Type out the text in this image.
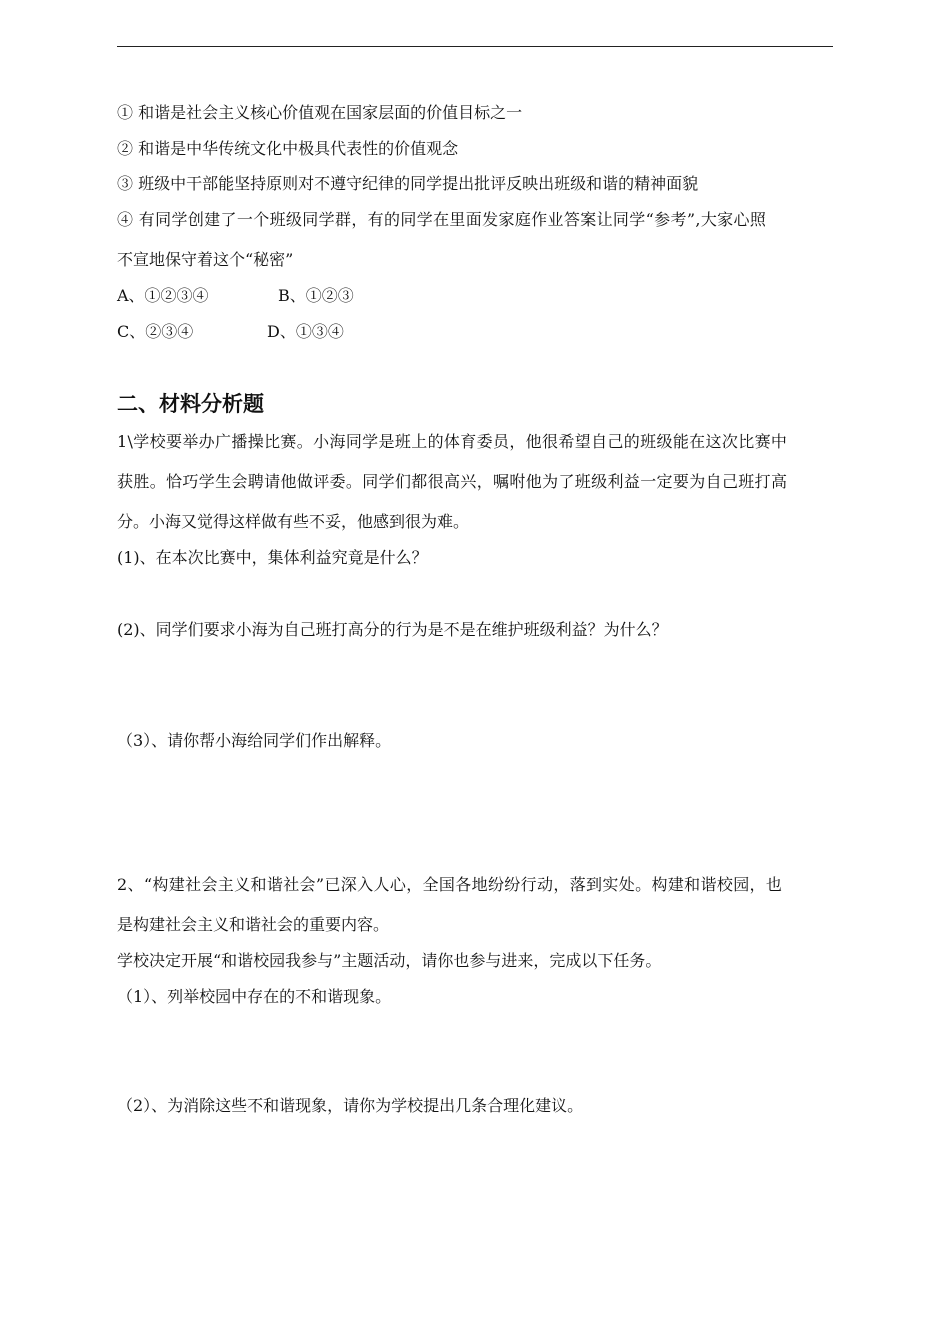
① 和谐是社会主义核心价值观在国家层面的价值目标之一
② 和谐是中华传统文化中极具代表性的价值观念
③ 班级中干部能坚持原则对不遵守纪律的同学提出批评反映出班级和谐的精神面貌
④ 有同学创建了一个班级同学群，有的同学在里面发家庭作业答案让同学“参考”,大家心照
不宣地保守着这个“秘密”
A、①②③④	B、①②③
C、②③④	D、①③④
二、材料分析题
1\学校要举办广播操比赛。小海同学是班上的体育委员，他很希望自己的班级能在这次比赛中
获胜。恰巧学生会聘请他做评委。同学们都很高兴，嘱咐他为了班级利益一定要为自己班打高
分。小海又觉得这样做有些不妥，他感到很为难。
(1)、在本次比赛中，集体利益究竟是什么？
(2)、同学们要求小海为自己班打高分的行为是不是在维护班级利益？为什么？
（3）、请你帮小海给同学们作出解释。
2、“构建社会主义和谐社会”已深入人心，全国各地纷纷行动，落到实处。构建和谐校园，也
是构建社会主义和谐社会的重要内容。
学校决定开展“和谐校园我参与”主题活动，请你也参与进来，完成以下任务。
（1）、列举校园中存在的不和谐现象。
（2）、为消除这些不和谐现象，请你为学校提出几条合理化建议。
